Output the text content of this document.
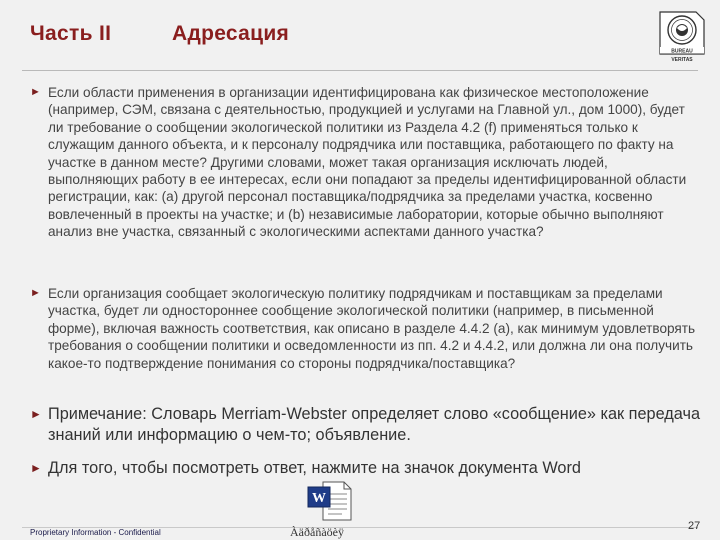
Часть II	Адресация
BUREAU
VERITAS
► Если области применения в организации идентифицирована как физическое местоположение (например, СЭМ, связана с деятельностью, продукцией и услугами на Главной ул., дом 1000), будет ли требование о сообщении экологической политики из Раздела 4.2 (f) применяться только к служащим данного объекта, и к персоналу подрядчика или поставщика, работающего по факту на участке в данном месте? Другими словами, может такая организация исключать людей, выполняющих работу в ее интересах, если они попадают за пределы идентифицированной области регистрации, как: (a) другой персонал поставщика/подрядчика за пределами участка, косвенно вовлеченный в проекты на участке; и (b) независимые лаборатории, которые обычно выполняют анализ вне участка, связанный с экологическими аспектами данного участка?
► Если организация сообщает экологическую политику подрядчикам и поставщикам за пределами участка, будет ли одностороннее сообщение экологической политики (например, в письменной форме), включая важность соответствия, как описано в разделе 4.4.2 (a), как минимум удовлетворять требования о сообщении политики и осведомленности из пп. 4.2 и 4.4.2, или должна ли она получить какое-то подтверждение понимания со стороны подрядчика/поставщика?
► Примечание: Словарь Merriam-Webster определяет слово «сообщение» как передача знаний или информацию о чем-то; объявление.
► Для того, чтобы посмотреть ответ, нажмите на значок документа Word
W
Proprietary Information - Confidential	Àäðåñàöèÿ	27
